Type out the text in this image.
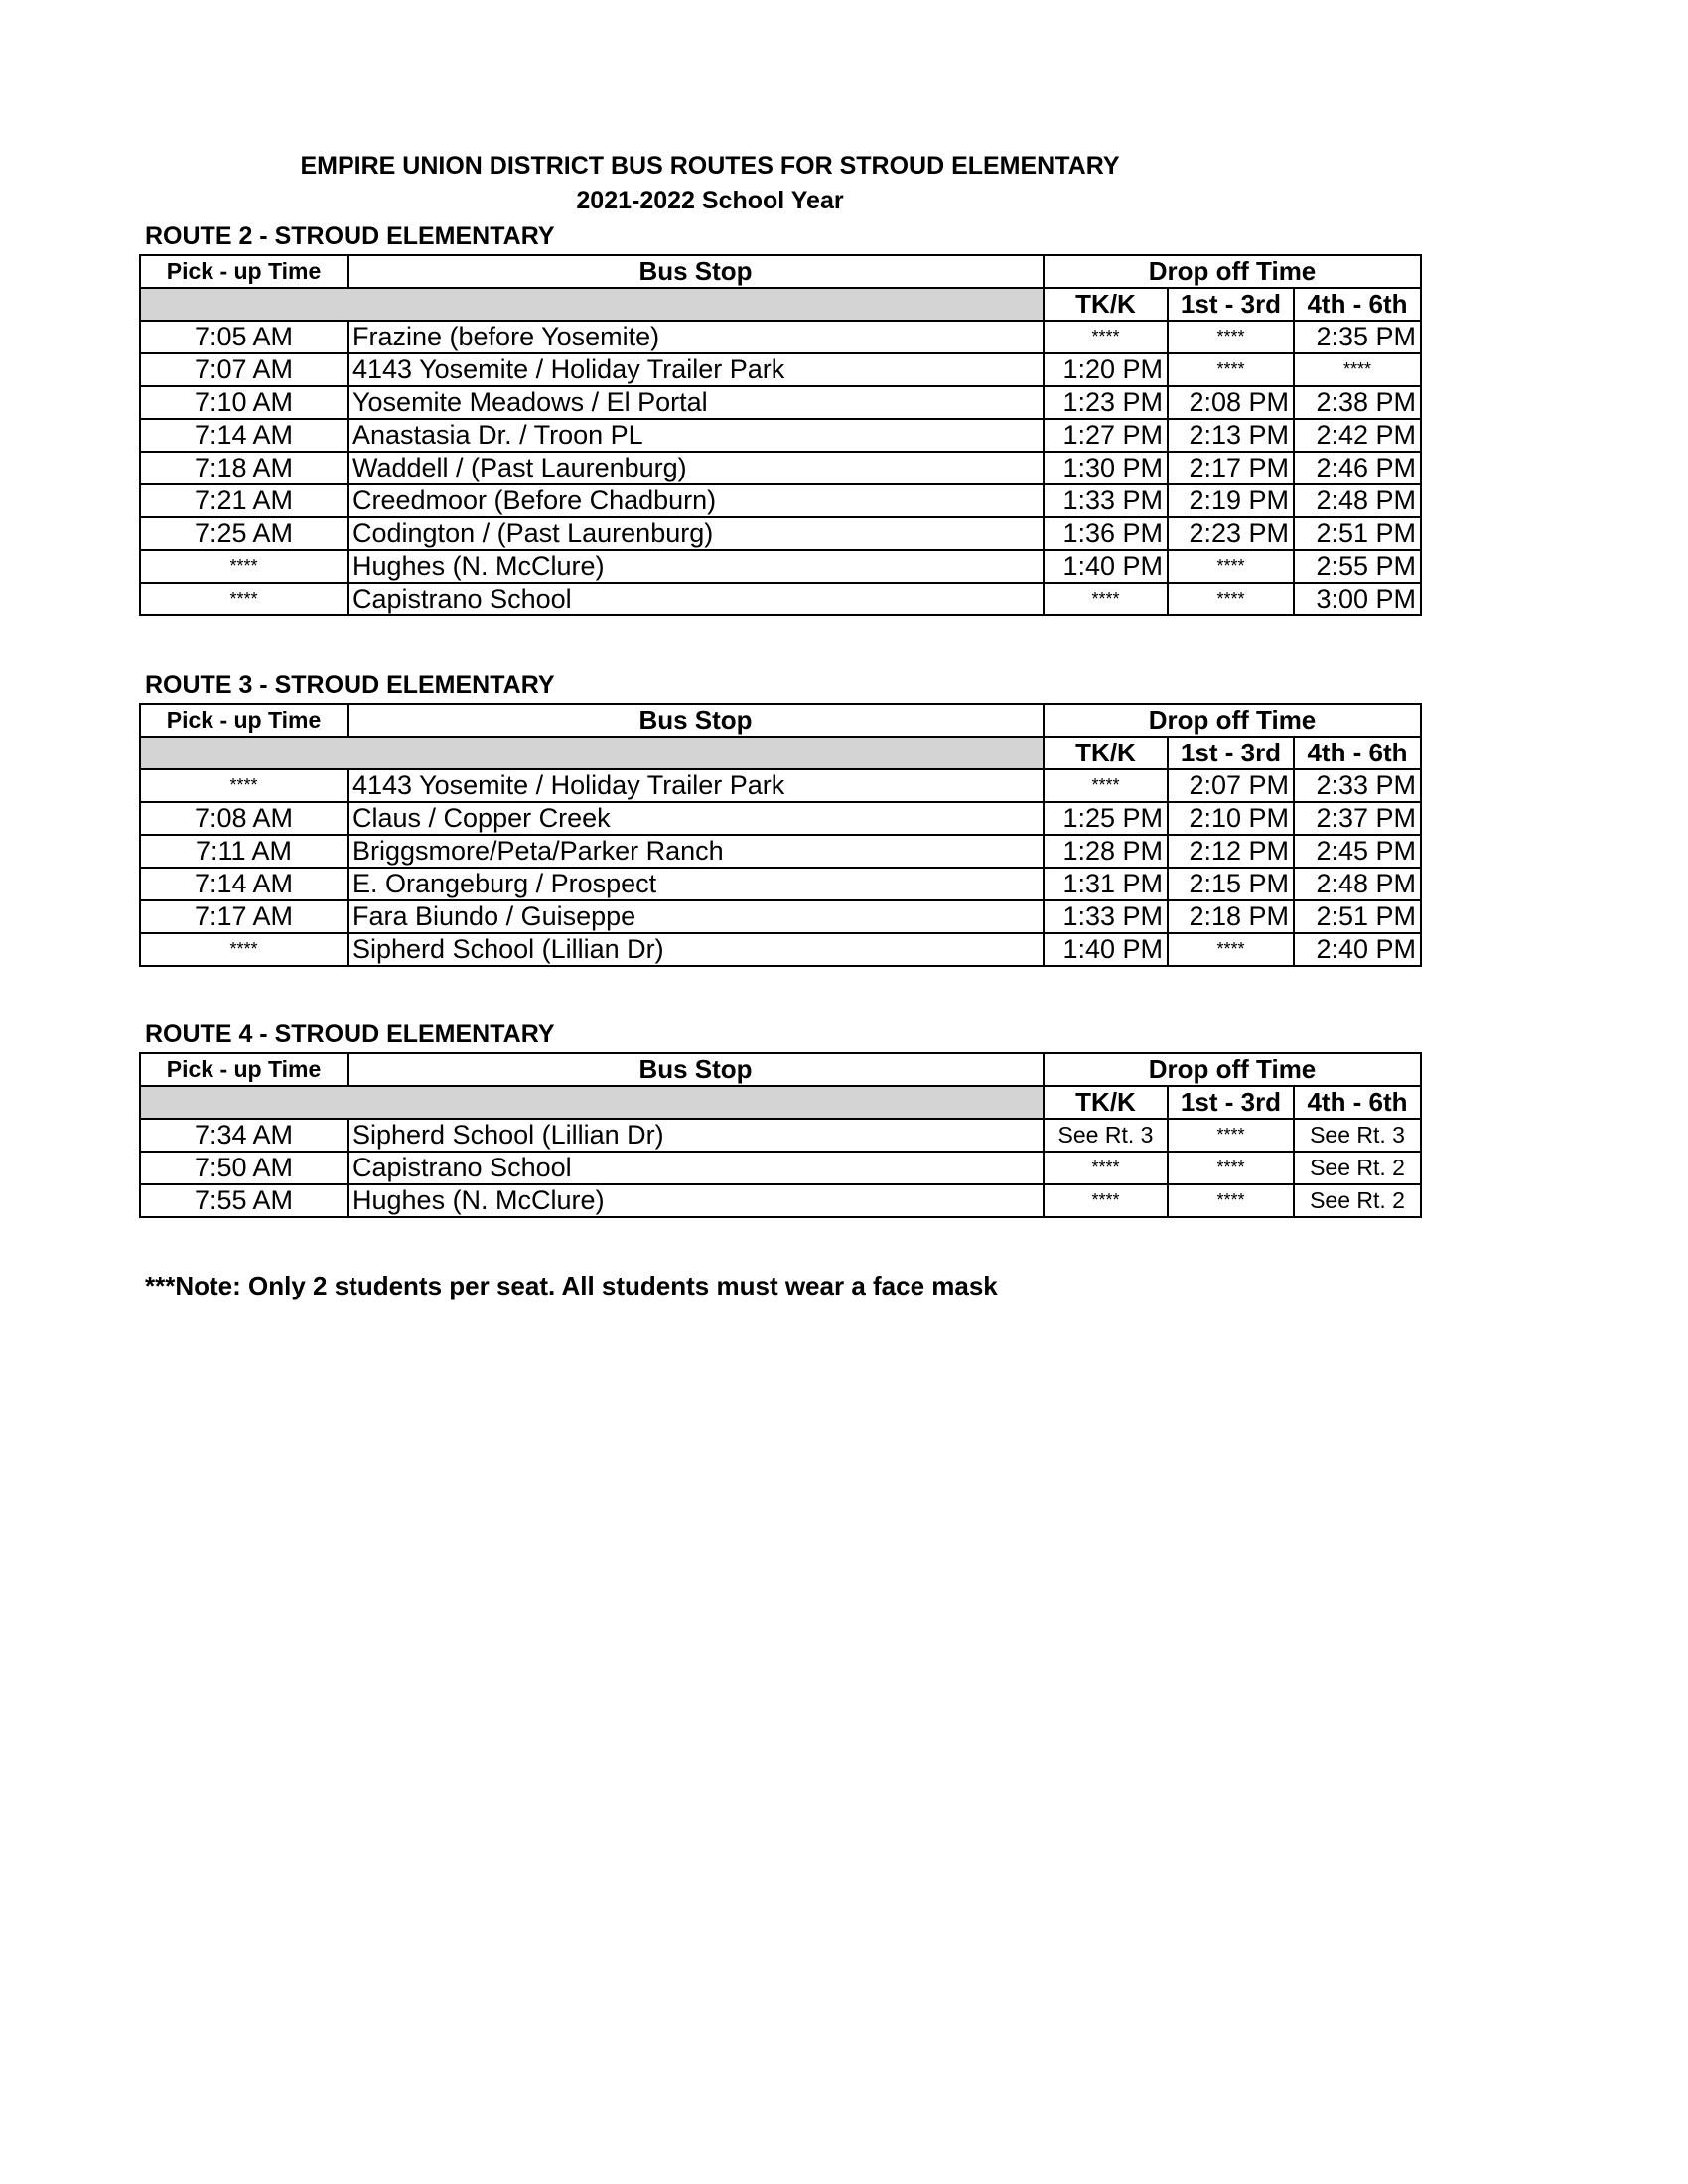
EMPIRE UNION DISTRICT BUS ROUTES FOR STROUD ELEMENTARY
2021-2022 School Year
ROUTE 2 - STROUD ELEMENTARY
Pick - up Time	Bus Stop	Drop off Time		
		TK/K	1st - 3rd	4th - 6th
7:05 AM	Frazine (before Yosemite)	****	****	2:35 PM
7:07 AM	4143 Yosemite / Holiday Trailer Park	1:20 PM	****	****
7:10 AM	Yosemite Meadows / El Portal	1:23 PM	2:08 PM	2:38 PM
7:14 AM	Anastasia Dr. / Troon PL	1:27 PM	2:13 PM	2:42 PM
7:18 AM	Waddell / (Past Laurenburg)	1:30 PM	2:17 PM	2:46 PM
7:21 AM	Creedmoor (Before Chadburn)	1:33 PM	2:19 PM	2:48 PM
7:25 AM	Codington / (Past Laurenburg)	1:36 PM	2:23 PM	2:51 PM
****	Hughes (N. McClure)	1:40 PM	****	2:55 PM
****	Capistrano School	****	****	3:00 PM
ROUTE 3 - STROUD ELEMENTARY
Pick - up Time	Bus Stop	Drop off Time		
		TK/K	1st - 3rd	4th - 6th
****	4143 Yosemite / Holiday Trailer Park	****	2:07 PM	2:33 PM
7:08 AM	Claus / Copper Creek	1:25 PM	2:10 PM	2:37 PM
7:11 AM	Briggsmore/Peta/Parker Ranch	1:28 PM	2:12 PM	2:45 PM
7:14 AM	E. Orangeburg / Prospect	1:31 PM	2:15 PM	2:48 PM
7:17 AM	Fara Biundo / Guiseppe	1:33 PM	2:18 PM	2:51 PM
****	Sipherd School (Lillian Dr)	1:40 PM	****	2:40 PM
ROUTE 4 - STROUD ELEMENTARY
Pick - up Time	Bus Stop	Drop off Time		
		TK/K	1st - 3rd	4th - 6th
7:34 AM	Sipherd School (Lillian Dr)	See Rt. 3	****	See Rt. 3
7:50 AM	Capistrano School	****	****	See Rt. 2
7:55 AM	Hughes (N. McClure)	****	****	See Rt. 2
***Note: Only 2 students per seat. All students must wear a face mask
